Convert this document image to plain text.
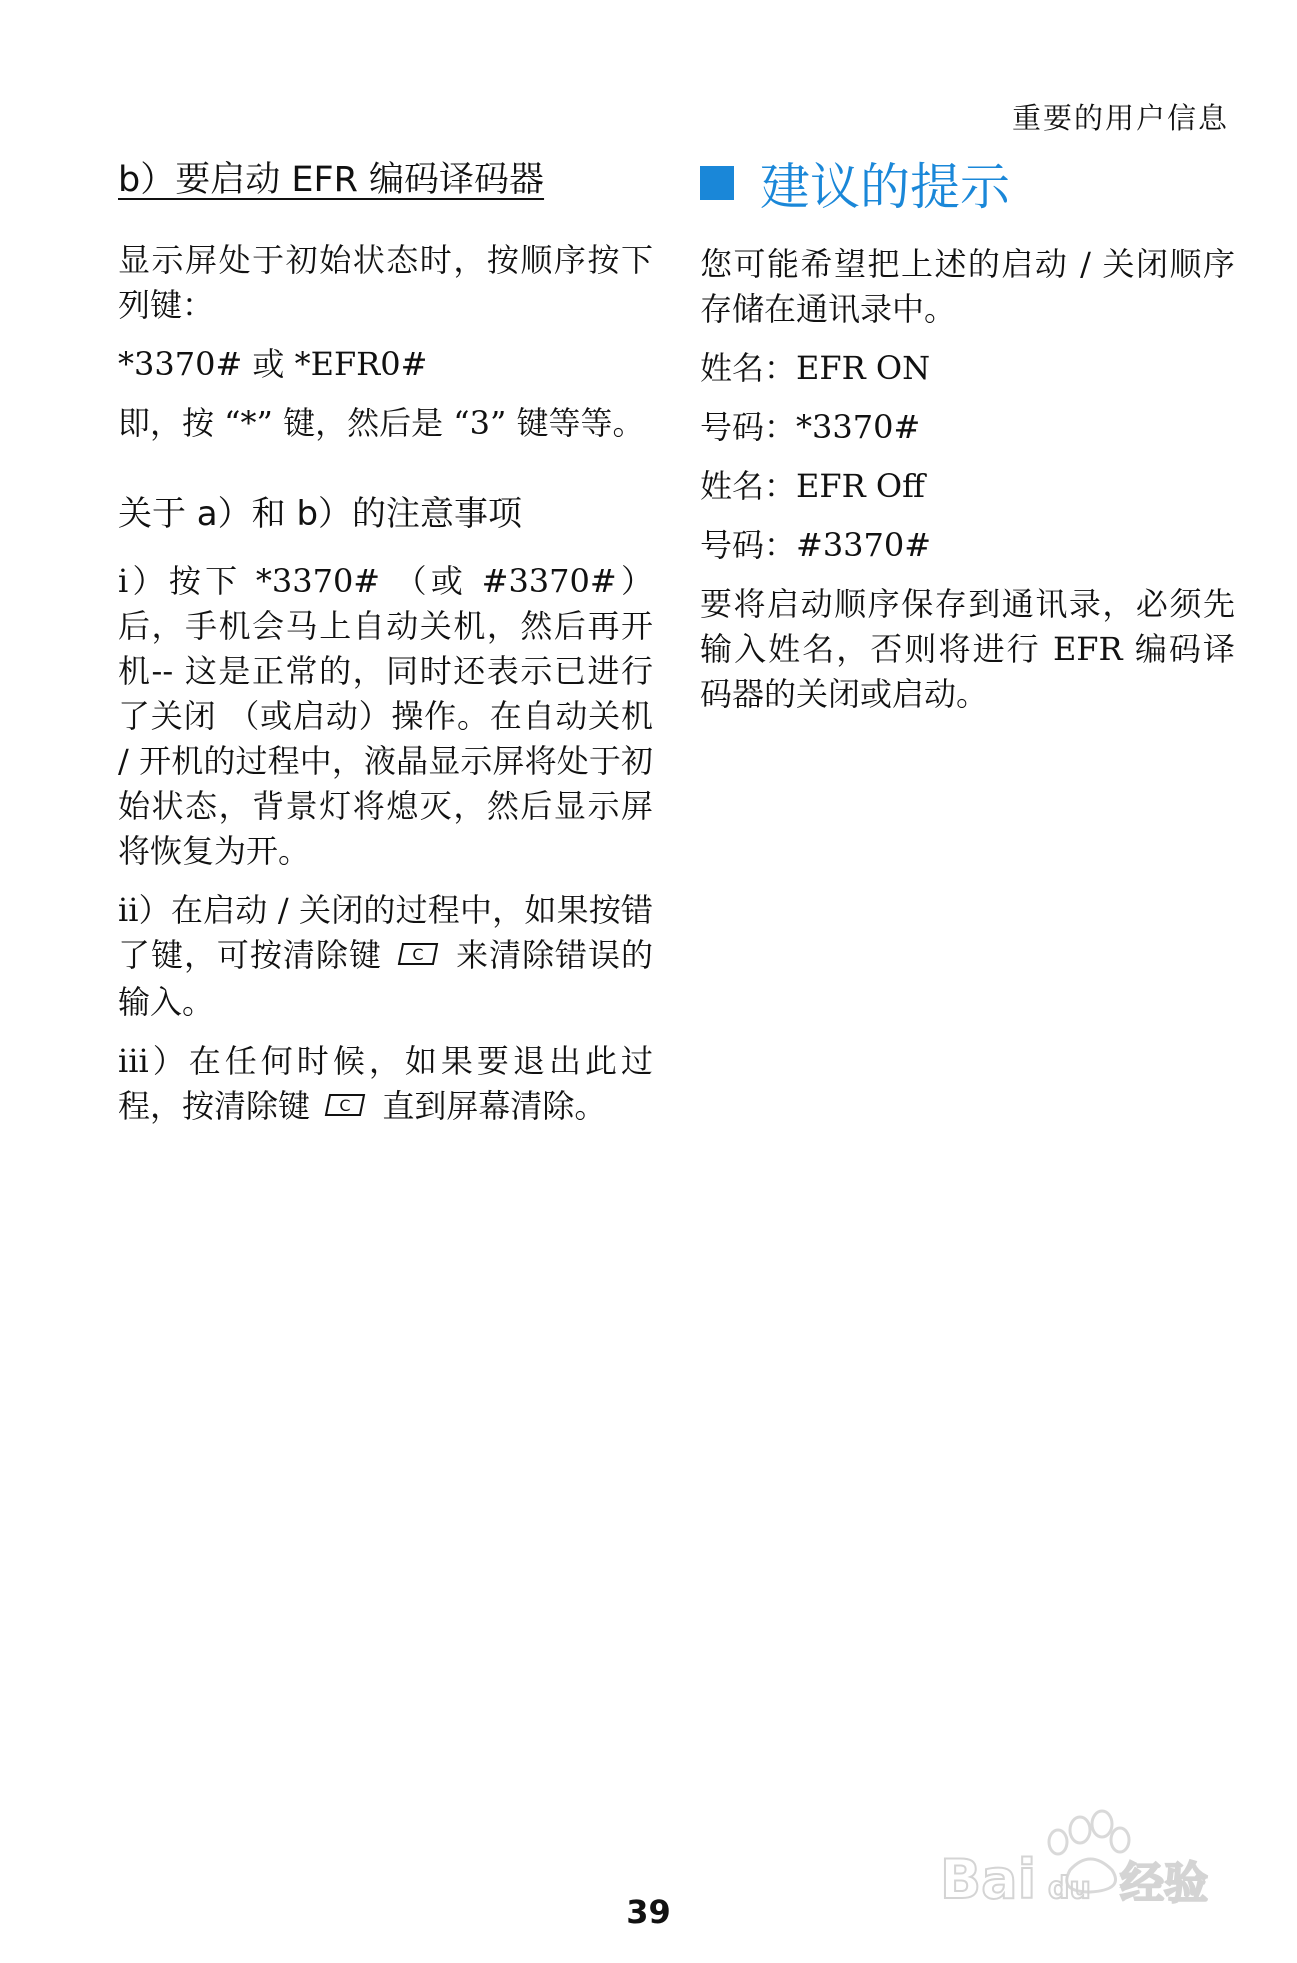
重要的用户信息
b）要启动 EFR 编码译码器

显示屏处于初始状态时，按顺序按下列键：

*3370# 或 *EFR0#

即，按 “*” 键，然后是 “3” 键等等。

关于 a）和 b）的注意事项

i）按下 *3370# （或 #3370#）后，手机会马上自动关机，然后再开机-- 这是正常的，同时还表示已进行了关闭 （或启动）操作。在自动关机 / 开机的过程中，液晶显示屏将处于初始状态，背景灯将熄灭，然后显示屏将恢复为开。

ii）在启动 / 关闭的过程中，如果按错了键，可按清除键 C 来清除错误的输入。

iii）在任何时候，如果要退出此过程，按清除键 C 直到屏幕清除。

建议的提示

您可能希望把上述的启动 / 关闭顺序存储在通讯录中。

姓名：EFR ON

号码：*3370#

姓名：EFR Off

号码：#3370#

要将启动顺序保存到通讯录，必须先输入姓名，否则将进行 EFR 编码译码器的关闭或启动。

39
Bai du 经验
